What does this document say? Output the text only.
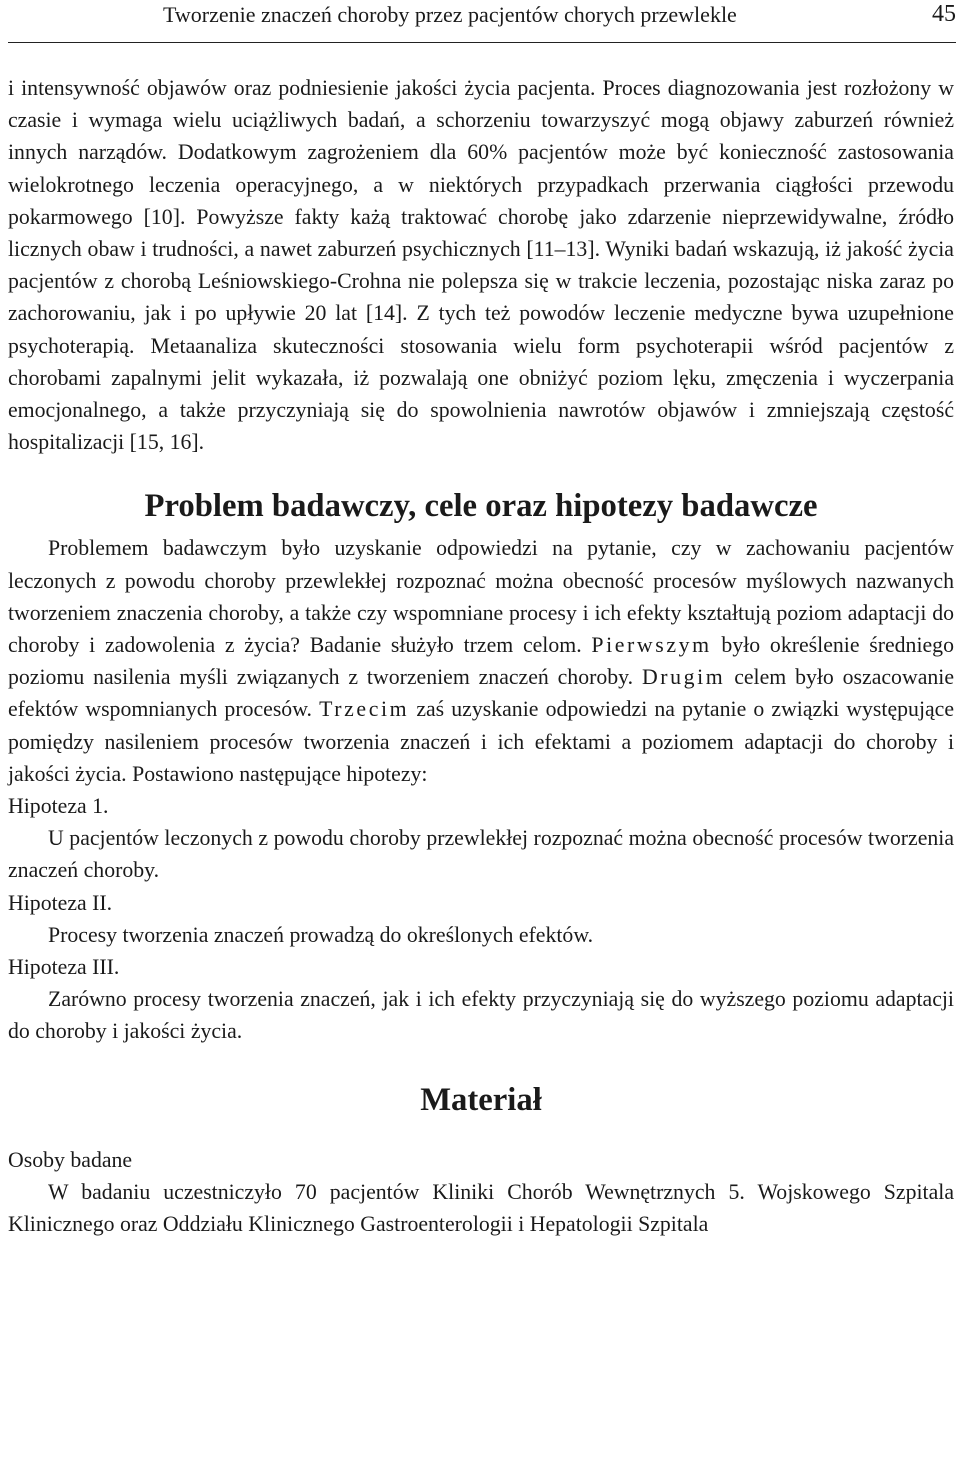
Tworzenie znaczeń choroby przez pacjentów chorych przewlekle	45

i intensywność objawów oraz podniesienie jakości życia pacjenta. Proces diagnozowania jest rozłożony w czasie i wymaga wielu uciążliwych badań, a schorzeniu towarzyszyć mogą objawy zaburzeń również innych narządów. Dodatkowym zagrożeniem dla 60% pacjentów może być konieczność zastosowania wielokrotnego leczenia operacyjnego, a w niektórych przypadkach przerwania ciągłości przewodu pokarmowego [10]. Powyższe fakty każą traktować chorobę jako zdarzenie nieprzewidywalne, źródło licznych obaw i trudności, a nawet zaburzeń psychicznych [11–13]. Wyniki badań wskazują, iż jakość życia pacjentów z chorobą Leśniowskiego-Crohna nie polepsza się w trakcie leczenia, pozostając niska zaraz po zachorowaniu, jak i po upływie 20 lat [14]. Z tych też powodów leczenie medyczne bywa uzupełnione psychoterapią. Metaanaliza skuteczności stosowania wielu form psychoterapii wśród pacjentów z chorobami zapalnymi jelit wykazała, iż pozwalają one obniżyć poziom lęku, zmęczenia i wyczerpania emocjonalnego, a także przyczyniają się do spowolnienia nawrotów objawów i zmniejszają częstość hospitalizacji [15, 16].

Problem badawczy, cele oraz hipotezy badawcze

Problemem badawczym było uzyskanie odpowiedzi na pytanie, czy w zachowaniu pacjentów leczonych z powodu choroby przewlekłej rozpoznać można obecność procesów myślowych nazwanych tworzeniem znaczenia choroby, a także czy wspomniane procesy i ich efekty kształtują poziom adaptacji do choroby i zadowolenia z życia? Badanie służyło trzem celom. Pierwszym było określenie średniego poziomu nasilenia myśli związanych z tworzeniem znaczeń choroby. Drugim celem było oszacowanie efektów wspomnianych procesów. Trzecim zaś uzyskanie odpowiedzi na pytanie o związki występujące pomiędzy nasileniem procesów tworzenia znaczeń i ich efektami a poziomem adaptacji do choroby i jakości życia. Postawiono następujące hipotezy:

Hipoteza 1.

U pacjentów leczonych z powodu choroby przewlekłej rozpoznać można obecność procesów tworzenia znaczeń choroby.

Hipoteza II.

Procesy tworzenia znaczeń prowadzą do określonych efektów.

Hipoteza III.

Zarówno procesy tworzenia znaczeń, jak i ich efekty przyczyniają się do wyższego poziomu adaptacji do choroby i jakości życia.

Materiał

Osoby badane

W badaniu uczestniczyło 70 pacjentów Kliniki Chorób Wewnętrznych 5. Wojskowego Szpitala Klinicznego oraz Oddziału Klinicznego Gastroenterologii i Hepatologii Szpitala
